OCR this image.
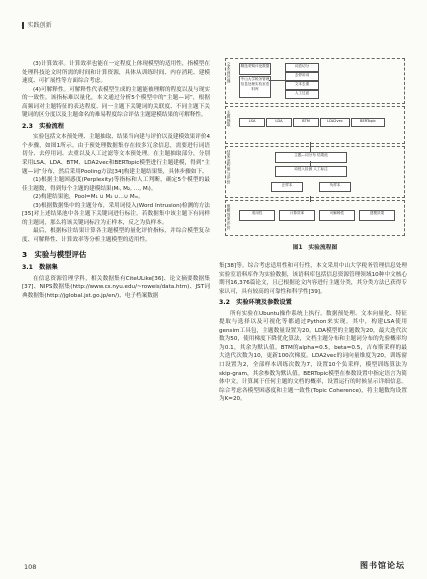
实践创新

(3)计算效率。计算效率也能在一定程度上体现模型的适用性，指模型在处理科技论文时所需的时间和计算资源，具体从训练时间、内存消耗、建模速度、可扩展性等方面综合考虑。

(4)可解释性。可解释性代表模型生成的主题能被理解的程度以及与现实的一致性。该指标难以量化，本文通过分析5个模型中的“主题—词”，根据高频词对主题特征的表达程度、同一主题下关键词的关联度、不同主题下关键词的区分度以及主题命名的难易程度综合评估主题建模结果的可解释性。

2.3　实验流程

实验包括文本预处理、主题抽取、结果当向建与评价以及建模效果评价4个步骤，如图1所示。由于预处理数据集存在较多冗余信息，需要进行词语切分、去停用词、去重以及人工过滤等文本预处理。在主题抽取部分，分别采用LSA、LDA、BTM、LDA2vec和BERTopic模型进行主题建模，得到“主题—词”分布，然后采用Pooling方法[34]构建主题结果集，具体步骤如下。

(1)根据主题困惑度(Perplexity)等指标和人工判断，确定5个模型的最佳主题数，得到每个主题的建模结果(Mᵢ, M₂, …, Mᵢ)。

(2)构建结果池，Pool=M₁ ∪ M₂ ∪…∪ Mₘ。

(3)根据数据集中的主题分布，采用词侵入(Word Intrusion)检测的方法[35]对上述结果池中各主题下关键词进行标注。若数据集中该主题下有同样的主题词，那么将该关键词标注为正样本，反之为负样本。

最后，根据标注结果计算各主题模型的量化评价指标，并综合模型复杂度、可解释性、计算效率等分析主题模型的适用性。

3　实验与模型评估
3.1　数据集

在信息资源管理学科，相关数据集有CiteULike[36]、论文摘要数据集[37]、NIPS数据集(http://www.cs.nyu.edu/~roweis/data.htm)、JST词典数据集(http://jglobal.jst.go.jp/en/)、电子档案数据

文本预处理
主题抽取
结果池构建与评价
建模效果评价
精选采购评论数据
中山大学税务管理信息处理实验室语料库
词语切分
去停用词
文本去重
人工过滤
LSA	LDA	BTM	LDA2vec	BERTopic
主题—词分布 结果池
词侵入检测 人工标注
正样本	负样本
适用性	计算效率	可解释性	建模效果
图1　实验流程图

集[38]等。综合考虑适用性和可行性，本文采用中山大学税务管理信息处理实验室语料库作为实验数据，该语料库包括信息资源管理领域10种中文核心期刊16,376篇论文，且已根据论文内容进行主题分类，其分类方法已获得专家认可，具有较高的可靠性和科学性[39]。

3.2　实验环境及参数设置

所有实验在Ubuntu操作系统上执行。数据预处理、文本向量化、特征提取与选择以及可视化等都通过Python来实现。其中，构建LSA使用gensim工具包，主题数量设置为20。LDA模型的主题数为20，最大迭代次数为50，使用梯度下降优化算法，文档主题分布和主题词分布的先验概率均为0.1，其余为默认值。BTM的alpha=0.5，beta=0.5，吉布斯采样的最大迭代次数为10，更新100次梯度。LDA2vec的词向量维度为20，训练窗口设置为2，全部样本训练次数为7，设置10个负采样，模型训练算法为skip-gram，其余参数为默认值。BERTopic模型在参数设置中指定语言为简体中文，计算属于任何主题的文档的概率，设置运行的时候显示详细信息。综合考虑各模型困惑度和主题一致性(Topic Coherence)，将主题数均设置为K=20。

108	图书馆论坛
